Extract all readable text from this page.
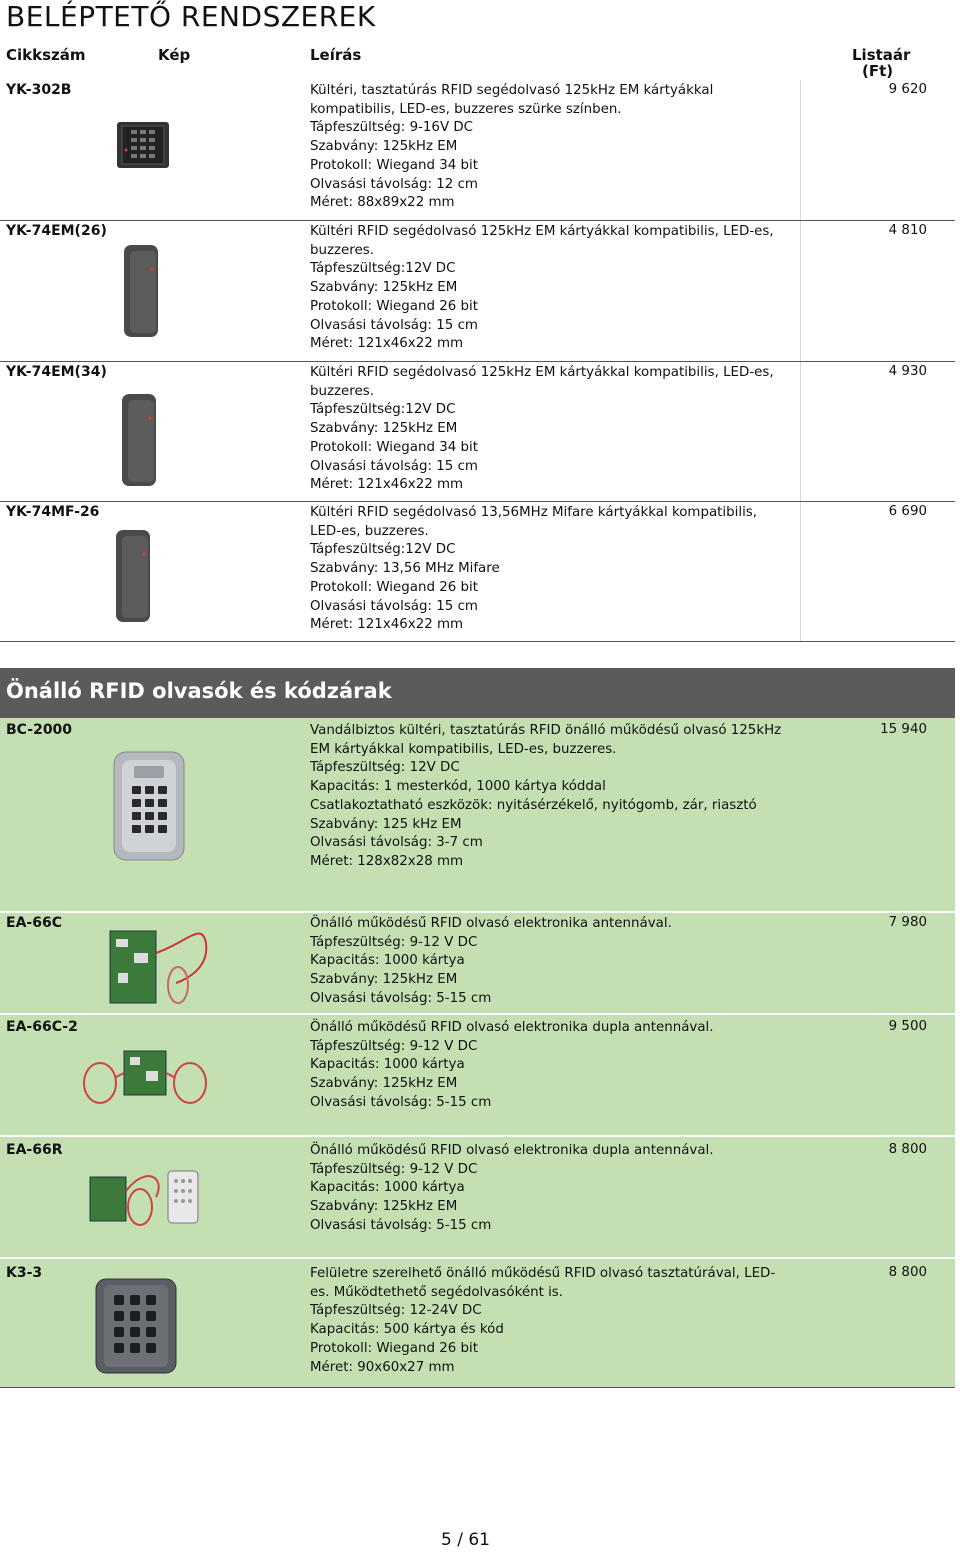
BELÉPTETŐ RENDSZEREK
Cikkszám	Kép	Leírás	Listaár
(Ft)
YK-302B	Kültéri, tasztatúrás RFID segédolvasó 125kHz EM kártyákkal kompatibilis, LED-es, buzzeres szürke színben.
Tápfeszültség: 9-16V DC
Szabvány: 125kHz EM
Protokoll: Wiegand 34 bit
Olvasási távolság: 12 cm
Méret: 88x89x22 mm
9 620
YK-74EM(26)	Kültéri RFID segédolvasó 125kHz EM kártyákkal kompatibilis, LED-es, buzzeres.
Tápfeszültség:12V DC
Szabvány: 125kHz EM
Protokoll: Wiegand 26 bit
Olvasási távolság: 15 cm
Méret: 121x46x22 mm
4 810
YK-74EM(34)	Kültéri RFID segédolvasó 125kHz EM kártyákkal kompatibilis, LED-es, buzzeres.
Tápfeszültség:12V DC
Szabvány: 125kHz EM
Protokoll: Wiegand 34 bit
Olvasási távolság: 15 cm
Méret: 121x46x22 mm
4 930
YK-74MF-26	Kültéri RFID segédolvasó 13,56MHz Mifare kártyákkal kompatibilis, LED-es, buzzeres.
Tápfeszültség:12V DC
Szabvány: 13,56 MHz Mifare
Protokoll: Wiegand 26 bit
Olvasási távolság: 15 cm
Méret: 121x46x22 mm
6 690
Önálló RFID olvasók és kódzárak
BC-2000	Vandálbiztos kültéri, tasztatúrás RFID önálló működésű olvasó 125kHz EM kártyákkal kompatibilis, LED-es, buzzeres.
Tápfeszültség: 12V DC
Kapacitás: 1 mesterkód, 1000 kártya kóddal
Csatlakoztatható eszközök: nyitásérzékelő, nyitógomb, zár, riasztó
Szabvány: 125 kHz EM
Olvasási távolság: 3-7 cm
Méret: 128x82x28 mm
15 940
EA-66C	Önálló működésű RFID olvasó elektronika antennával.
Tápfeszültség: 9-12 V DC
Kapacitás: 1000 kártya
Szabvány: 125kHz EM
Olvasási távolság: 5-15 cm
7 980
EA-66C-2	Önálló működésű RFID olvasó elektronika dupla antennával.
Tápfeszültség: 9-12 V DC
Kapacitás: 1000 kártya
Szabvány: 125kHz EM
Olvasási távolság: 5-15 cm
9 500
EA-66R	Önálló működésű RFID olvasó elektronika dupla antennával.
Tápfeszültség: 9-12 V DC
Kapacitás: 1000 kártya
Szabvány: 125kHz EM
Olvasási távolság: 5-15 cm
8 800
K3-3	Felületre szerelhető önálló működésű RFID olvasó tasztatúrával, LED-es. Működtethető segédolvasóként is.
Tápfeszültség: 12-24V DC
Kapacitás: 500 kártya és kód
Protokoll: Wiegand 26 bit
Méret: 90x60x27 mm
8 800
5 / 61
